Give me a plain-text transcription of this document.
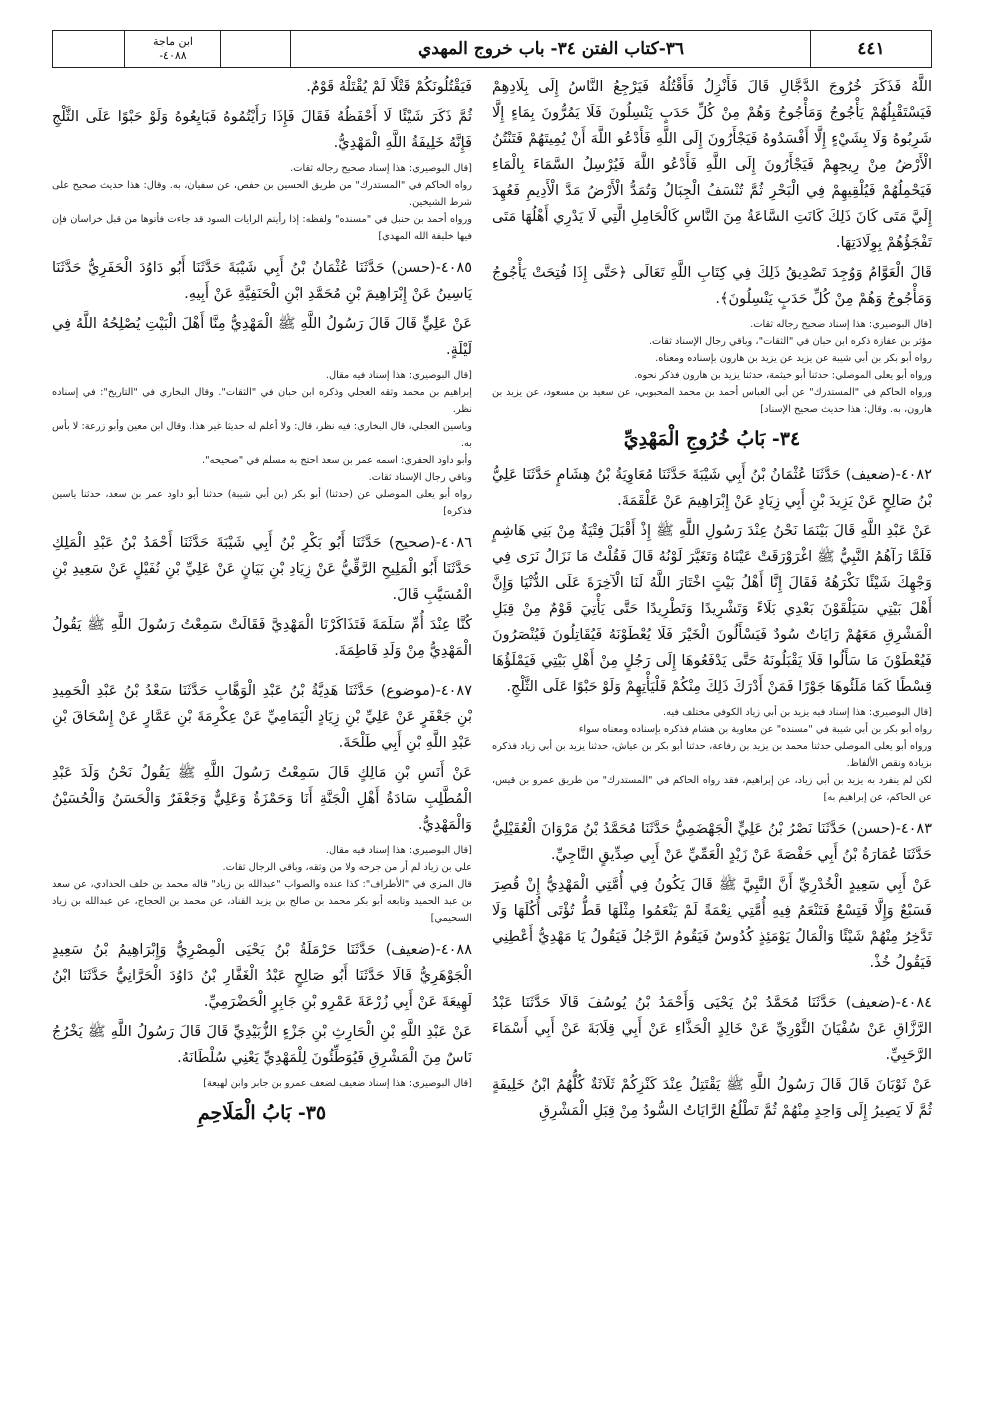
٤٤١
٣٦-كتاب الفتن ٣٤- باب خروج المهدي
ابن ماجة
٤٠٨٨-

اللَّهُ فَذَكَرَ خُرُوجَ الدَّجَّالِ قَالَ فَأَنْزِلُ فَأَقْتُلُهُ فَيَرْجِعُ النَّاسُ إِلَى بِلَادِهِمْ فَيَسْتَقْبِلُهُمْ يَأْجُوجُ وَمَأْجُوجُ وَهُمْ مِنْ كُلِّ حَدَبٍ يَنْسِلُونَ فَلَا يَمُرُّونَ بِمَاءٍ إِلَّا شَرِبُوهُ وَلَا بِشَيْءٍ إِلَّا أَفْسَدُوهُ فَيَجْأَرُونَ إِلَى اللَّهِ فَأَدْعُو اللَّهَ أَنْ يُمِيتَهُمْ فَتَنْتُنُ الْأَرْضُ مِنْ رِيحِهِمْ فَيَجْأَرُونَ إِلَى اللَّهِ فَأَدْعُو اللَّهَ فَيُرْسِلُ السَّمَاءَ بِالْمَاءِ فَيَحْمِلُهُمْ فَيُلْقِيهِمْ فِي الْبَحْرِ ثُمَّ تُنْسَفُ الْجِبَالُ وَتُمَدُّ الْأَرْضُ مَدَّ الْأَدِيمِ فَعُهِدَ إِلَيَّ مَتَى كَانَ ذَلِكَ كَانَتِ السَّاعَةُ مِنَ النَّاسِ كَالْحَامِلِ الَّتِي لَا يَدْرِي أَهْلُهَا مَتَى تَفْجَؤُهُمْ بِوِلَادَتِهَا.

قَالَ الْعَوَّامُ وَوُجِدَ تَصْدِيقُ ذَلِكَ فِي كِتَابِ اللَّهِ تَعَالَى ﴿حَتَّى إِذَا فُتِحَتْ يَأْجُوجُ وَمَأْجُوجُ وَهُمْ مِنْ كُلِّ حَدَبٍ يَنْسِلُونَ﴾.

[قال البوصيري: هذا إسناد صحيح رجاله ثقات.

مؤثر بن عفازة ذكره ابن حبان في "الثقات"، وباقي رجال الإسناد ثقات.

رواه أبو بكر بن أبي شيبة عن يزيد عن يزيد بن هارون بإسناده ومعناه.

ورواه أبو يعلى الموصلي: حدثنا أبو خيثمة، حدثنا يزيد بن هارون فذكر نحوه.

ورواه الحاكم في "المستدرك" عن أبي العباس أحمد بن محمد المحبوبي، عن سعيد بن مسعود، عن يزيد بن هارون، به. وقال: هذا حديث صحيح الإسناد]

٣٤- بَابُ خُرُوجِ الْمَهْدِيِّ

٤٠٨٢-(ضعيف) حَدَّثَنَا عُثْمَانُ بْنُ أَبِي شَيْبَةَ حَدَّثَنَا مُعَاوِيَةُ بْنُ هِشَامٍ حَدَّثَنَا عَلِيُّ بْنُ صَالِحٍ عَنْ يَزِيدَ بْنِ أَبِي زِيَادٍ عَنْ إِبْرَاهِيمَ عَنْ عَلْقَمَةَ.

عَنْ عَبْدِ اللَّهِ قَالَ بَيْنَمَا نَحْنُ عِنْدَ رَسُولِ اللَّهِ ﷺ إِذْ أَقْبَلَ فِتْيَةٌ مِنْ بَنِي هَاشِمٍ فَلَمَّا رَآهُمُ النَّبِيُّ ﷺ اغْرَوْرَقَتْ عَيْنَاهُ وَتَغَيَّرَ لَوْنُهُ قَالَ فَقُلْتُ مَا نَزَالُ نَرَى فِي وَجْهِكَ شَيْئًا نَكْرَهُهُ فَقَالَ إِنَّا أَهْلُ بَيْتٍ اخْتَارَ اللَّهُ لَنَا الْآخِرَةَ عَلَى الدُّنْيَا وَإِنَّ أَهْلَ بَيْتِي سَيَلْقَوْنَ بَعْدِي بَلَاءً وَتَشْرِيدًا وَتَطْرِيدًا حَتَّى يَأْتِيَ قَوْمٌ مِنْ قِبَلِ الْمَشْرِقِ مَعَهُمْ رَايَاتٌ سُودٌ فَيَسْأَلُونَ الْخَيْرَ فَلَا يُعْطَوْنَهُ فَيُقَاتِلُونَ فَيُنْصَرُونَ فَيُعْطَوْنَ مَا سَأَلُوا فَلَا يَقْبَلُونَهُ حَتَّى يَدْفَعُوهَا إِلَى رَجُلٍ مِنْ أَهْلِ بَيْتِي فَيَمْلَؤُهَا قِسْطًا كَمَا مَلَئُوهَا جَوْرًا فَمَنْ أَدْرَكَ ذَلِكَ مِنْكُمْ فَلْيَأْتِهِمْ وَلَوْ حَبْوًا عَلَى الثَّلْجِ.

[قال البوصيري: هذا إسناد فيه يزيد بن أبي زياد الكوفي مختلف فيه.

رواه أبو بكر بن أبي شيبة في "مسنده" عن معاوية بن هشام فذكره بإسناده ومعناه سواء

ورواه أبو يعلى الموصلي حدثنا محمد بن يزيد بن رفاعة، حدثنا أبو بكر بن عياش، حدثنا يزيد بن أبي زياد فذكره بزيادة ونقص الألفاظ.

لكن لم ينفرد به يزيد بن أبي زياد، عن إبراهيم، فقد رواه الحاكم في "المستدرك" من طريق عمرو بن قيس، عن الحاكم، عن إبراهيم به]

٤٠٨٣-(حسن) حَدَّثَنَا نَصْرُ بْنُ عَلِيٍّ الْجَهْضَمِيُّ حَدَّثَنَا مُحَمَّدُ بْنُ مَرْوَانَ الْعُقَيْلِيُّ حَدَّثَنَا عُمَارَةُ بْنُ أَبِي حَفْصَةَ عَنْ زَيْدٍ الْعَمِّيِّ عَنْ أَبِي صِدِّيقٍ النَّاجِيِّ.

عَنْ أَبِي سَعِيدٍ الْخُدْرِيِّ أَنَّ النَّبِيَّ ﷺ قَالَ يَكُونُ فِي أُمَّتِي الْمَهْدِيُّ إِنْ قُصِرَ فَسَبْعٌ وَإِلَّا فَتِسْعٌ فَتَنْعَمُ فِيهِ أُمَّتِي نِعْمَةً لَمْ يَنْعَمُوا مِثْلَهَا قَطُّ تُؤْتَى أُكُلَهَا وَلَا تَدَّخِرُ مِنْهُمْ شَيْئًا وَالْمَالُ يَوْمَئِذٍ كُدُوسٌ فَيَقُومُ الرَّجُلُ فَيَقُولُ يَا مَهْدِيُّ أَعْطِنِي فَيَقُولُ خُذْ.

٤٠٨٤-(ضعيف) حَدَّثَنَا مُحَمَّدُ بْنُ يَحْيَى وَأَحْمَدُ بْنُ يُوسُفَ قَالَا حَدَّثَنَا عَبْدُ الرَّزَّاقِ عَنْ سُفْيَانَ الثَّوْرِيِّ عَنْ خَالِدٍ الْحَذَّاءِ عَنْ أَبِي قِلَابَةَ عَنْ أَبِي أَسْمَاءَ الرَّحَبِيِّ.

عَنْ ثَوْبَانَ قَالَ قَالَ رَسُولُ اللَّهِ ﷺ يَقْتَتِلُ عِنْدَ كَنْزِكُمْ ثَلَاثَةٌ كُلُّهُمُ ابْنُ خَلِيفَةٍ ثُمَّ لَا يَصِيرُ إِلَى وَاحِدٍ مِنْهُمْ ثُمَّ تَطْلُعُ الرَّايَاتُ السُّودُ مِنْ قِبَلِ الْمَشْرِقِ

فَيَقْتُلُونَكُمْ قَتْلًا لَمْ يُقْتَلْهُ قَوْمٌ.

ثُمَّ ذَكَرَ شَيْئًا لَا أَحْفَظُهُ فَقَالَ فَإِذَا رَأَيْتُمُوهُ فَبَايِعُوهُ وَلَوْ حَبْوًا عَلَى الثَّلْجِ فَإِنَّهُ خَلِيفَةُ اللَّهِ الْمَهْدِيُّ.

[قال البوصيري: هذا إسناد صحيح رجاله ثقات.

رواه الحاكم في "المستدرك" من طريق الحسين بن حفص، عن سفيان، به. وقال: هذا حديث صحيح على شرط الشيخين.

ورواه أحمد بن حنبل في "مسنده" ولفظه: إذا رأيتم الرايات السود قد جاءت فأتوها من قبل خراسان فإن فيها خليفة الله المهدي]

٤٠٨٥-(حسن) حَدَّثَنَا عُثْمَانُ بْنُ أَبِي شَيْبَةَ حَدَّثَنَا أَبُو دَاوُدَ الْحَفَرِيُّ حَدَّثَنَا يَاسِينُ عَنْ إِبْرَاهِيمَ بْنِ مُحَمَّدِ ابْنِ الْحَنَفِيَّةِ عَنْ أَبِيهِ.

عَنْ عَلِيٍّ قَالَ قَالَ رَسُولُ اللَّهِ ﷺ الْمَهْدِيُّ مِنَّا أَهْلَ الْبَيْتِ يُصْلِحُهُ اللَّهُ فِي لَيْلَةٍ.

[قال البوصيري: هذا إسناد فيه مقال.

إبراهيم بن محمد وثقه العجلي وذكره ابن حبان في "الثقات". وقال البخاري في "التاريخ": في إسناده نظر.

وياسين العجلي، قال البخاري: فيه نظر، قال: ولا أعلم له حديثا غير هذا. وقال ابن معين وأبو زرعة: لا بأس به.

وأبو داود الحفري: اسمه عمر بن سعد احتج به مسلم في "صحيحه".

وباقي رجال الإسناد ثقات.

رواه أبو يعلى الموصلي عن (حدثنا) أبو بكر (بن أبي شيبة) حدثنا أبو داود عمر بن سعد، حدثنا ياسين فذكره]

٤٠٨٦-(صحيح) حَدَّثَنَا أَبُو بَكْرِ بْنُ أَبِي شَيْبَةَ حَدَّثَنَا أَحْمَدُ بْنُ عَبْدِ الْمَلِكِ حَدَّثَنَا أَبُو الْمَلِيحِ الرَّقِّيُّ عَنْ زِيَادِ بْنِ بَيَانٍ عَنْ عَلِيِّ بْنِ نُفَيْلٍ عَنْ سَعِيدِ بْنِ الْمُسَيَّبِ قَالَ.

كُنَّا عِنْدَ أُمِّ سَلَمَةَ فَتَذَاكَرْنَا الْمَهْدِيَّ فَقَالَتْ سَمِعْتُ رَسُولَ اللَّهِ ﷺ يَقُولُ الْمَهْدِيُّ مِنْ وَلَدِ فَاطِمَةَ.

٤٠٨٧-(موضوع) حَدَّثَنَا هَدِيَّةُ بْنُ عَبْدِ الْوَهَّابِ حَدَّثَنَا سَعْدُ بْنُ عَبْدِ الْحَمِيدِ بْنِ جَعْفَرٍ عَنْ عَلِيِّ بْنِ زِيَادٍ الْيَمَامِيِّ عَنْ عِكْرِمَةَ بْنِ عَمَّارٍ عَنْ إِسْحَاقَ بْنِ عَبْدِ اللَّهِ بْنِ أَبِي طَلْحَةَ.

عَنْ أَنَسِ بْنِ مَالِكٍ قَالَ سَمِعْتُ رَسُولَ اللَّهِ ﷺ يَقُولُ نَحْنُ وَلَدَ عَبْدِ الْمُطَّلِبِ سَادَةُ أَهْلِ الْجَنَّةِ أَنَا وَحَمْزَةُ وَعَلِيٌّ وَجَعْفَرٌ وَالْحَسَنُ وَالْحُسَيْنُ وَالْمَهْدِيُّ.

[قال البوصيري: هذا إسناد فيه مقال.

علي بن زياد لم أر من جرحه ولا من وثقه، وباقي الرجال ثقات.

قال المزي في "الأطراف": كذا عنده والصواب "عبدالله بن زياد" قاله محمد بن خلف الحدادي، عن سعد بن عبد الحميد وتابعه أبو بكر محمد بن صالح بن يزيد القناد، عن محمد بن الحجاج، عن عبدالله بن زياد السحيمي]

٤٠٨٨-(ضعيف) حَدَّثَنَا حَرْمَلَةُ بْنُ يَحْيَى الْمِصْرِيُّ وَإِبْرَاهِيمُ بْنُ سَعِيدٍ الْجَوْهَرِيُّ قَالَا حَدَّثَنَا أَبُو صَالِحٍ عَبْدُ الْغَفَّارِ بْنُ دَاوُدَ الْحَرَّانِيُّ حَدَّثَنَا ابْنُ لَهِيعَةَ عَنْ أَبِي زُرْعَةَ عَمْرِو بْنِ جَابِرٍ الْحَضْرَمِيِّ.

عَنْ عَبْدِ اللَّهِ بْنِ الْحَارِثِ بْنِ جَزْءٍ الزُّبَيْدِيِّ قَالَ قَالَ رَسُولُ اللَّهِ ﷺ يَخْرُجُ نَاسٌ مِنَ الْمَشْرِقِ فَيُوَطِّئُونَ لِلْمَهْدِيِّ يَعْنِي سُلْطَانَهُ.

[قال البوصيري: هذا إسناد ضعيف لضعف عمرو بن جابر وابن لهيعة]

٣٥- بَابُ الْمَلَاحِمِ
